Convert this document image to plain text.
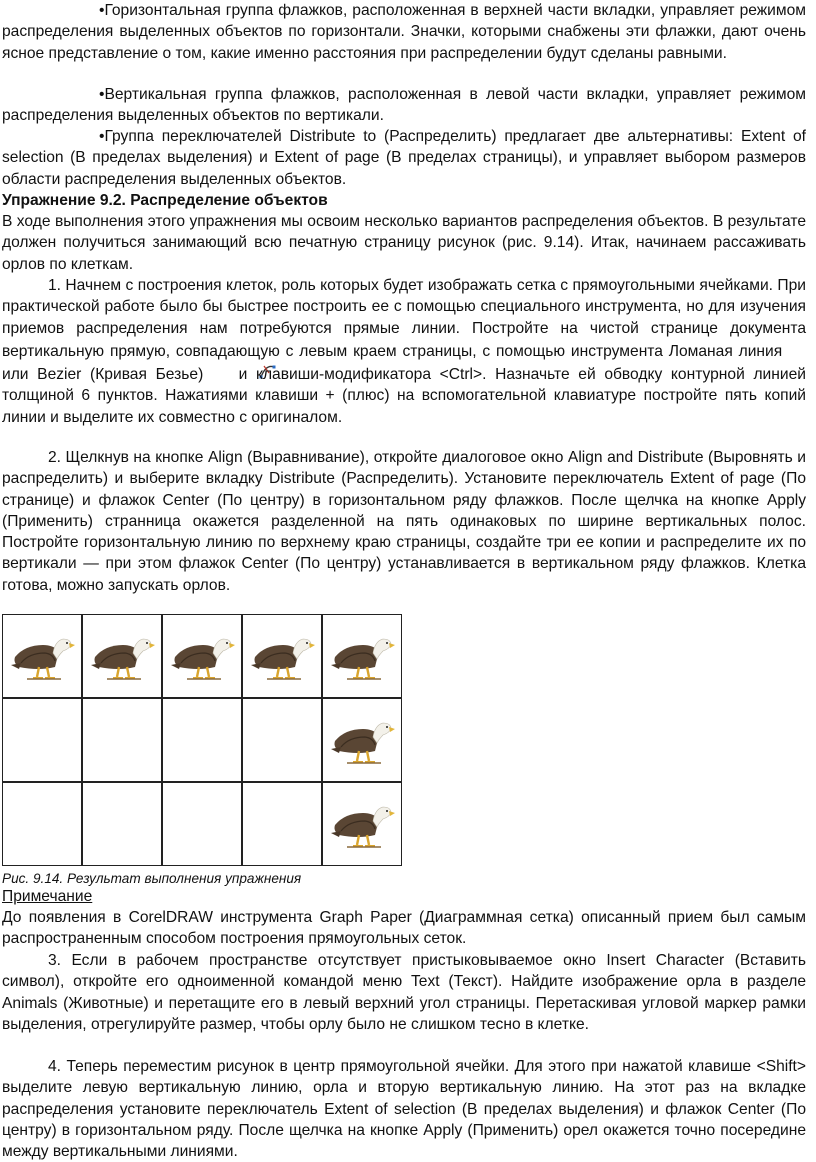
• Горизонтальная группа флажков, расположенная в верхней части вкладки, управляет режимом распределения выделенных объектов по горизонтали. Значки, которыми снабжены эти флажки, дают очень ясное представление о том, какие именно расстояния при распределении будут сделаны равными.

• Вертикальная группа флажков, расположенная в левой части вкладки, управляет режимом распределения выделенных объектов по вертикали.

• Группа переключателей Distribute to (Распределить) предлагает две альтернативы: Extent of selection (В пределах выделения) и Extent of page (В пределах страницы), и управляет выбором размеров области распределения выделенных объектов.

Упражнение 9.2. Распределение объектов

В ходе выполнения этого упражнения мы освоим несколько вариантов распределения объектов. В результате должен получиться занимающий всю печатную страницу рисунок (рис. 9.14). Итак, начинаем рассаживать орлов по клеткам.

1. Начнем с построения клеток, роль которых будет изображать сетка с прямоугольными ячейками. При практической работе было бы быстрее построить ее с помощью специального инструмента, но для изучения приемов распределения нам потребуются прямые линии. Постройте на чистой странице документа вертикальную прямую, совпадающую с левым краем страницы, с помощью инструмента Ломаная линия  или Bezier (Кривая Безье) и клавиши-модификатора <Ctrl>. Назначьте ей обводку контурной линией толщиной 6 пунктов. Нажатиями клавиши + (плюс) на вспомогательной клавиатуре постройте пять копий линии и выделите их совместно с оригиналом.

2. Щелкнув на кнопке Align (Выравнивание), откройте диалоговое окно Align and Distribute (Выровнять и распределить) и выберите вкладку Distribute (Распределить). Установите переключатель Extent of page (По странице) и флажок Center (По центру) в горизонтальном ряду флажков. После щелчка на кнопке Apply (Применить) странница окажется разделенной на пять одинаковых по ширине вертикальных полос. Постройте горизонтальную линию по верхнему краю страницы, создайте три ее копии и распределите их по вертикали — при этом флажок Center (По центру) устанавливается в вертикальном ряду флажков. Клетка готова, можно запускать орлов.

Рис. 9.14. Результат выполнения упражнения
Примечание

До появления в CorelDRAW инструмента Graph Paper (Диаграммная сетка) описанный прием был самым распространенным способом построения прямоугольных сеток.

3. Если в рабочем пространстве отсутствует пристыковываемое окно Insert Character (Вставить символ), откройте его одноименной командой меню Text (Текст). Найдите изображение орла в разделе Animals (Животные) и перетащите его в левый верхний угол страницы. Перетаскивая угловой маркер рамки выделения, отрегулируйте размер, чтобы орлу было не слишком тесно в клетке.

4. Теперь переместим рисунок в центр прямоугольной ячейки. Для этого при нажатой клавише <Shift> выделите левую вертикальную линию, орла и вторую вертикальную линию. На этот раз на вкладке распределения установите переключатель Extent of selection (В пределах выделения) и флажок Center (По центру) в горизонтальном ряду. После щелчка на кнопке Apply (Применить) орел окажется точно посередине между вертикальными линиями.
